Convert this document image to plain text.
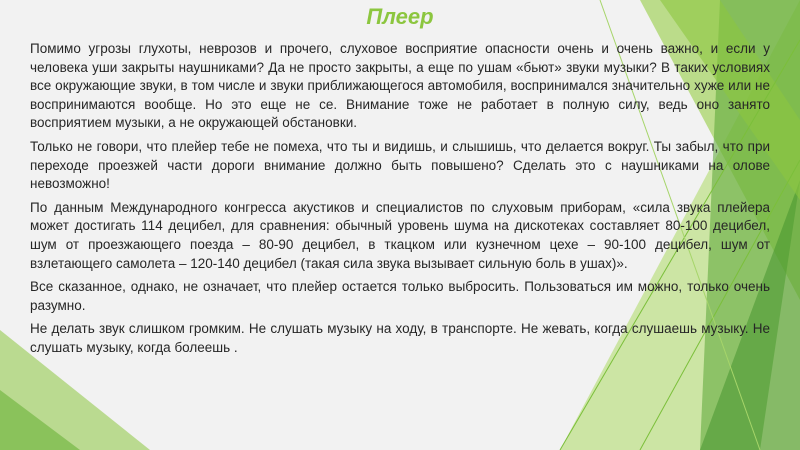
Плеер

Помимо угрозы глухоты, неврозов и прочего, слуховое восприятие опасности очень и очень важно, и если у человека уши закрыты наушниками? Да не просто закрыты, а еще по ушам «бьют» звуки музыки? В таких условиях все окружающие звуки, в том числе и звуки приближающегося автомобиля, воспринимался значительно хуже или не воспринимаются вообще. Но это еще не се. Внимание тоже не работает в полную силу, ведь оно занято восприятием музыки, а не окружающей обстановки.

Только не говори, что плейер тебе не помеха, что ты и видишь, и слышишь, что делается вокруг. Ты забыл, что при переходе проезжей части дороги внимание должно быть повышено? Сделать это с наушниками на олове невозможно!

По данным Международного конгресса акустиков и специалистов по слуховым приборам, «сила звука плейера может достигать 114 децибел, для сравнения: обычный уровень шума на дискотеках составляет 80-100 децибел, шум от проезжающего поезда – 80-90 децибел, в ткацком или кузнечном цехе – 90-100 децибел, шум от взлетающего самолета – 120-140 децибел (такая сила звука вызывает сильную боль в ушах)».

Все сказанное, однако, не означает, что плейер остается только выбросить. Пользоваться им можно, только очень разумно.

Не делать звук слишком громким. Не слушать музыку на ходу, в транспорте. Не жевать, когда слушаешь музыку. Не слушать музыку, когда болеешь .
